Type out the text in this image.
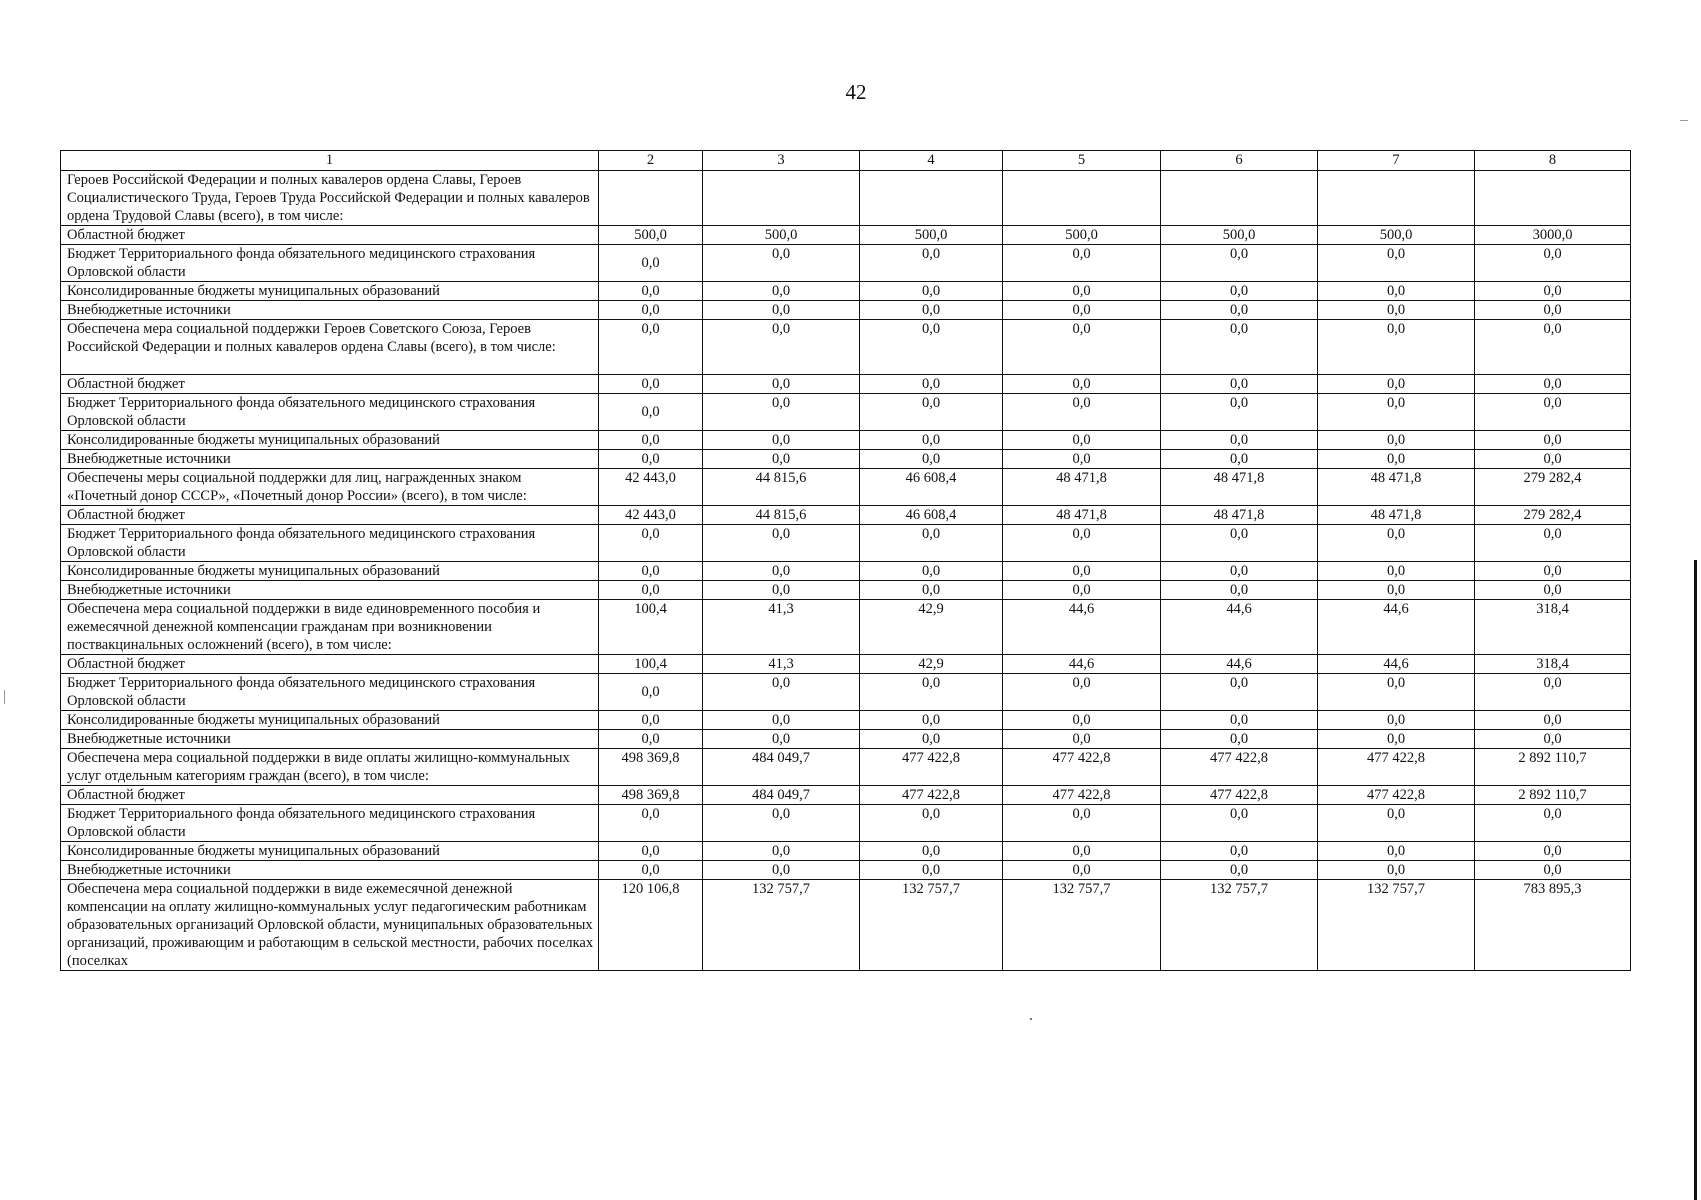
42
1	2	3	4	5	6	7	8
Героев Российской Федерации и полных кавалеров ордена Славы, Героев Социалистического Труда, Героев Труда Российской Федерации и полных кавалеров ордена Трудовой Славы (всего), в том числе:							
Областной бюджет	500,0	500,0	500,0	500,0	500,0	500,0	3000,0
Бюджет Территориального фонда обязательного медицинского страхования Орловской области	0,0	0,0	0,0	0,0	0,0	0,0	0,0
Консолидированные бюджеты муниципальных образований	0,0	0,0	0,0	0,0	0,0	0,0	0,0
Внебюджетные источники	0,0	0,0	0,0	0,0	0,0	0,0	0,0
Обеспечена мера социальной поддержки Героев Советского Союза, Героев Российской Федерации и полных кавалеров ордена Славы (всего), в том числе:	0,0	0,0	0,0	0,0	0,0	0,0	0,0
Областной бюджет	0,0	0,0	0,0	0,0	0,0	0,0	0,0
Бюджет Территориального фонда обязательного медицинского страхования Орловской области	0,0	0,0	0,0	0,0	0,0	0,0	0,0
Консолидированные бюджеты муниципальных образований	0,0	0,0	0,0	0,0	0,0	0,0	0,0
Внебюджетные источники	0,0	0,0	0,0	0,0	0,0	0,0	0,0
Обеспечены меры социальной поддержки для лиц, награжденных знаком «Почетный донор СССР», «Почетный донор России» (всего), в том числе:	42 443,0	44 815,6	46 608,4	48 471,8	48 471,8	48 471,8	279 282,4
Областной бюджет	42 443,0	44 815,6	46 608,4	48 471,8	48 471,8	48 471,8	279 282,4
Бюджет Территориального фонда обязательного медицинского страхования Орловской области	0,0	0,0	0,0	0,0	0,0	0,0	0,0
Консолидированные бюджеты муниципальных образований	0,0	0,0	0,0	0,0	0,0	0,0	0,0
Внебюджетные источники	0,0	0,0	0,0	0,0	0,0	0,0	0,0
Обеспечена мера социальной поддержки в виде единовременного пособия и ежемесячной денежной компенсации гражданам при возникновении поствакцинальных осложнений (всего), в том числе:	100,4	41,3	42,9	44,6	44,6	44,6	318,4
Областной бюджет	100,4	41,3	42,9	44,6	44,6	44,6	318,4
Бюджет Территориального фонда обязательного медицинского страхования Орловской области	0,0	0,0	0,0	0,0	0,0	0,0	0,0
Консолидированные бюджеты муниципальных образований	0,0	0,0	0,0	0,0	0,0	0,0	0,0
Внебюджетные источники	0,0	0,0	0,0	0,0	0,0	0,0	0,0
Обеспечена мера социальной поддержки в виде оплаты жилищно-коммунальных услуг отдельным категориям граждан (всего), в том числе:	498 369,8	484 049,7	477 422,8	477 422,8	477 422,8	477 422,8	2 892 110,7
Областной бюджет	498 369,8	484 049,7	477 422,8	477 422,8	477 422,8	477 422,8	2 892 110,7
Бюджет Территориального фонда обязательного медицинского страхования Орловской области	0,0	0,0	0,0	0,0	0,0	0,0	0,0
Консолидированные бюджеты муниципальных образований	0,0	0,0	0,0	0,0	0,0	0,0	0,0
Внебюджетные источники	0,0	0,0	0,0	0,0	0,0	0,0	0,0
Обеспечена мера социальной поддержки в виде ежемесячной денежной компенсации на оплату жилищно-коммунальных услуг педагогическим работникам образовательных организаций Орловской области, муниципальных образовательных организаций, проживающим и работающим в сельской местности, рабочих поселках (поселках	120 106,8	132 757,7	132 757,7	132 757,7	132 757,7	132 757,7	783 895,3
